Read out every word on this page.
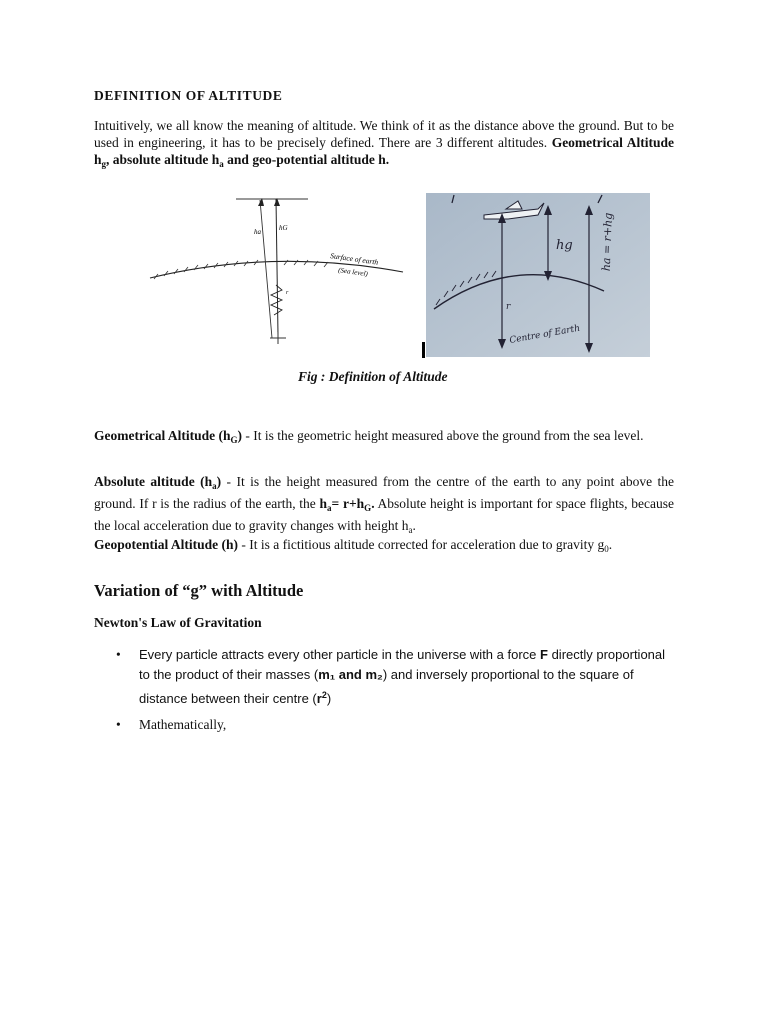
DEFINITION OF ALTITUDE
Intuitively, we all know the meaning of altitude. We think of it as the distance above the ground. But to be used in engineering, it has to be precisely defined. There are 3 different altitudes. Geometrical Altitude $h_g$, absolute altitude $h_a$ and geo-potential altitude h.
hG
ha
Surface of earth
(Sea level)
r
hg ha = r+hg
r
Centre of Earth
Fig : Definition of Altitude
Geometrical Altitude $(h_G)$ - It is the geometric height measured above the ground from the sea level.
Absolute altitude $(h_a)$ - It is the height measured from the centre of the earth to any point above the ground. If r is the radius of the earth, the $h_a= r+h_G$. Absolute height is important for space flights, because the local acceleration due to gravity changes with height $h_a$.
Geopotential Altitude (h) - It is a fictitious altitude corrected for acceleration due to gravity $g_0$.
Variation of “g” with Altitude
Newton's Law of Gravitation
• Every particle attracts every other particle in the universe with a force F directly proportional to the product of their masses (m₁ and m₂) and inversely proportional to the square of distance between their centre $(r^2)$
• Mathematically,
